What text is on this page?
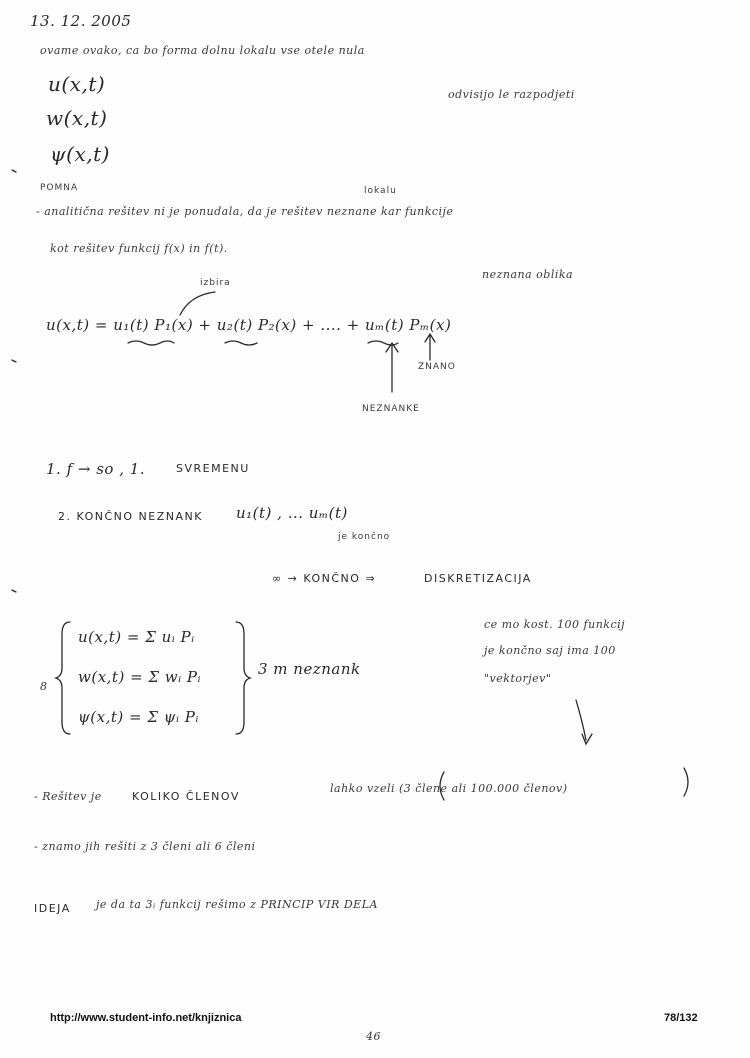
13. 12. 2005
ovame ovako, ca bo forma dolnu lokalu vse otele nula
u(x,t)
w(x,t)
ψ(x,t)
odvisijo le razpodjeti
POMNA	lokalu
- analitična rešitev ni je ponudala, da je rešitev neznane kar funkcije
kot rešitev funkcij f(x) in f(t).
izbira
neznana oblika
u(x,t) = u₁(t) P₁(x) + u₂(t) P₂(x) + .... + uₘ(t) Pₘ(x)
ZNANO
NEZNANKE
1. f → so , 1.	SVREMENU
2. KONČNO NEZNANK u₁(t) , ... uₘ(t)
je končno
∞ → KONČNO ⇒	DISKRETIZACIJA
8
u(x,t) = Σ uᵢ Pᵢ
w(x,t) = Σ wᵢ Pᵢ
ψ(x,t) = Σ ψᵢ Pᵢ
3 m neznank
ce mo kost. 100 funkcij
je končno saj ima 100
"vektorjev"
- Rešitev je	KOLIKO ČLENOV
lahko vzeli (3 člene ali 100.000 členov)
- znamo jih rešiti z 3 členi ali 6 členi
IDEJA je da ta 3ᵢ funkcij rešimo z PRINCIP VIR DELA
http://www.student-info.net/knjiznica	78/132
46
